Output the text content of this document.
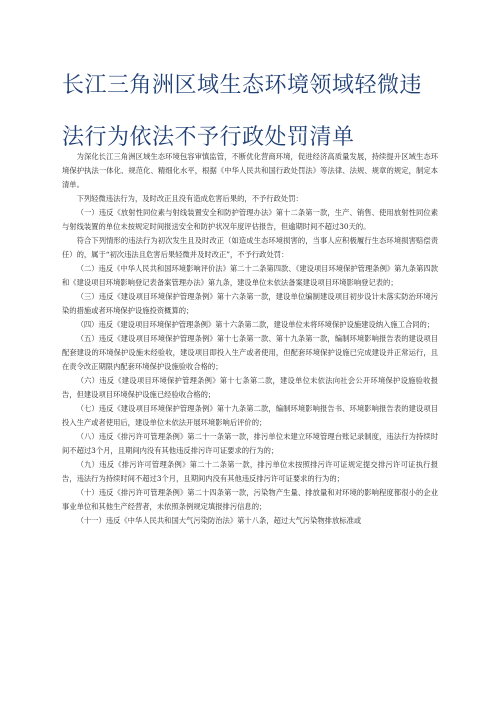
长江三角洲区域生态环境领域轻微违
法行为依法不予行政处罚清单

为深化长江三角洲区域生态环境包容审慎监管，不断优化营商环境，促进经济高质量发展，持续提升区域生态环境保护执法一体化、规范化、精细化水平，根据《中华人民共和国行政处罚法》等法律、法规、规章的规定，制定本清单。

下列轻微违法行为，及时改正且没有造成危害后果的，不予行政处罚：

（一）违反《放射性同位素与射线装置安全和防护管理办法》第十二条第一款，生产、销售、使用放射性同位素与射线装置的单位未按规定时间报送安全和防护状况年度评估报告，但逾期时间不超过30天的。

符合下列情形的违法行为初次发生且及时改正（如造成生态环境损害的，当事人应积极履行生态环境损害赔偿责任）的，属于“初次违法且危害后果轻微并及时改正”，不予行政处罚：

（二）违反《中华人民共和国环境影响评价法》第二十二条第四款、《建设项目环境保护管理条例》第九条第四款和《建设项目环境影响登记表备案管理办法》第九条，建设单位未依法备案建设项目环境影响登记表的；

（三）违反《建设项目环境保护管理条例》第十六条第一款，建设单位编制建设项目初步设计未落实防治环境污染的措施或者环境保护设施投资概算的；

（四）违反《建设项目环境保护管理条例》第十六条第二款，建设单位未将环境保护设施建设纳入施工合同的；

（五）违反《建设项目环境保护管理条例》第十七条第一款、第十九条第一款，编制环境影响报告表的建设项目配套建设的环境保护设施未经验收，建设项目即投入生产或者使用，但配套环境保护设施已完成建设并正常运行，且在责令改正期限内配套环境保护设施验收合格的；

（六）违反《建设项目环境保护管理条例》第十七条第二款，建设单位未依法向社会公开环境保护设施验收报告，但建设项目环境保护设施已经验收合格的；

（七）违反《建设项目环境保护管理条例》第十九条第二款，编制环境影响报告书、环境影响报告表的建设项目投入生产或者使用后，建设单位未依法开展环境影响后评价的；

（八）违反《排污许可管理条例》第二十一条第一款，排污单位未建立环境管理台账记录制度，违法行为持续时间不超过3个月，且期间内没有其他违反排污许可证要求的行为的；

（九）违反《排污许可管理条例》第二十二条第一款，排污单位未按照排污许可证规定提交排污许可证执行报告，违法行为持续时间不超过3个月，且期间内没有其他违反排污许可证要求的行为的；

（十）违反《排污许可管理条例》第二十四条第一款，污染物产生量、排放量和对环境的影响程度都很小的企业事业单位和其他生产经营者，未依照条例规定填报排污信息的；

（十一）违反《中华人民共和国大气污染防治法》第十八条，超过大气污染物排放标准或
